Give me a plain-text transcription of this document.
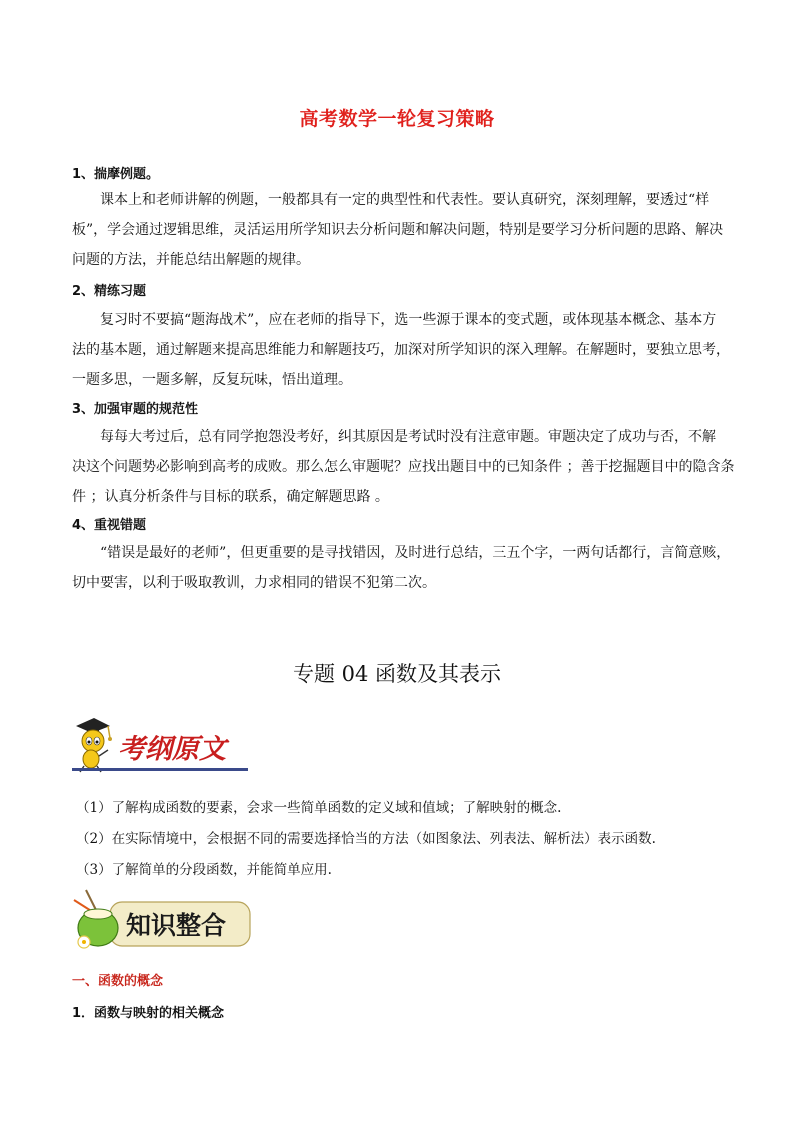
高考数学一轮复习策略
1、揣摩例题。
课本上和老师讲解的例题，一般都具有一定的典型性和代表性。要认真研究，深刻理解，要透过“样
板”，学会通过逻辑思维，灵活运用所学知识去分析问题和解决问题，特别是要学习分析问题的思路、解决
问题的方法，并能总结出解题的规律。
2、精练习题
复习时不要搞“题海战术”，应在老师的指导下，选一些源于课本的变式题，或体现基本概念、基本方
法的基本题，通过解题来提高思维能力和解题技巧，加深对所学知识的深入理解。在解题时，要独立思考，
一题多思，一题多解，反复玩味，悟出道理。
3、加强审题的规范性
每每大考过后，总有同学抱怨没考好，纠其原因是考试时没有注意审题。审题决定了成功与否，不解
决这个问题势必影响到高考的成败。那么怎么审题呢？应找出题目中的已知条件 ；善于挖掘题目中的隐含条
件 ；认真分析条件与目标的联系，确定解题思路 。
4、重视错题
“错误是最好的老师”，但更重要的是寻找错因，及时进行总结，三五个字，一两句话都行，言简意赅，
切中要害，以利于吸取教训，力求相同的错误不犯第二次。
专题 04 函数及其表示
考纲原文
（1）了解构成函数的要素，会求一些简单函数的定义域和值域；了解映射的概念.
（2）在实际情境中，会根据不同的需要选择恰当的方法（如图象法、列表法、解析法）表示函数.
（3）了解简单的分段函数，并能简单应用.
知识整合
一、函数的概念
1．函数与映射的相关概念
